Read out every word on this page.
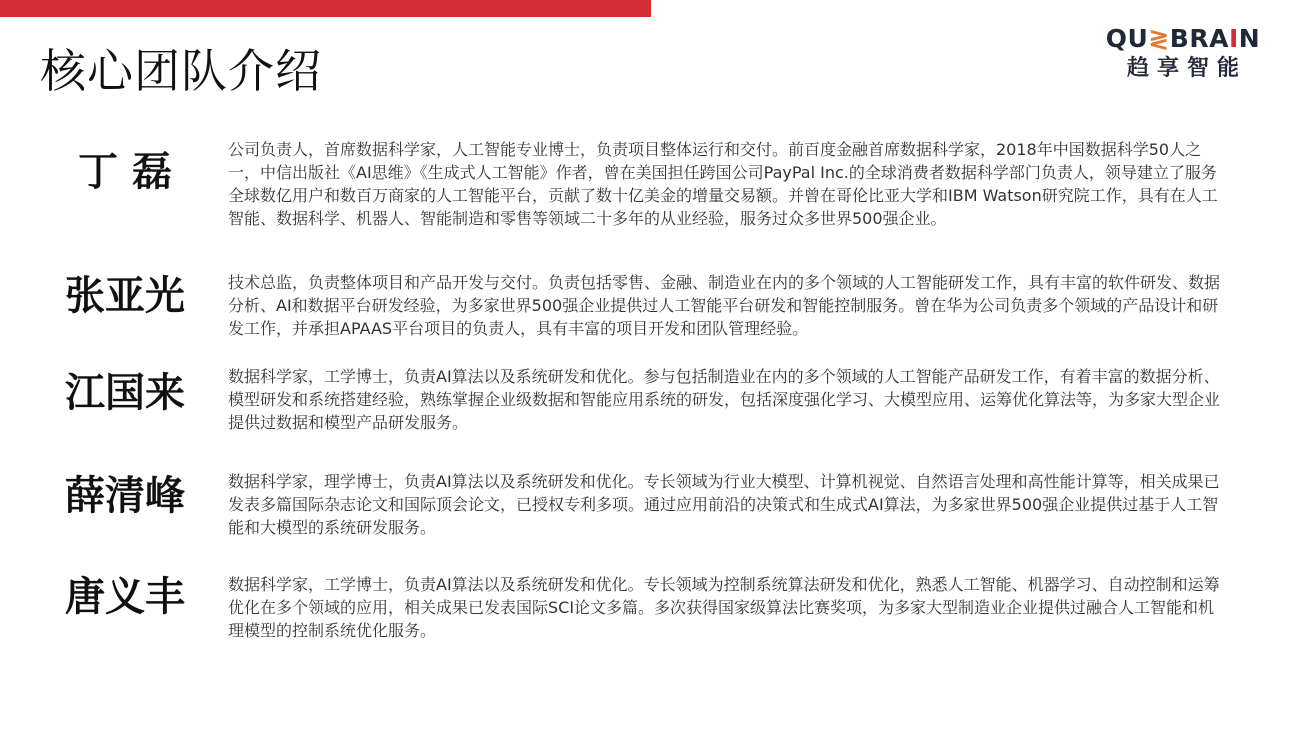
核心团队介绍
QU≷BRAIN
趋享智能
丁 磊	公司负责人，首席数据科学家，人工智能专业博士，负责项目整体运行和交付。前百度金融首席数据科学家，2018年中国数据科学50人之一，中信出版社《AI思维》《生成式人工智能》作者，曾在美国担任跨国公司PayPal Inc.的全球消费者数据科学部门负责人，领导建立了服务全球数亿用户和数百万商家的人工智能平台，贡献了数十亿美金的增量交易额。并曾在哥伦比亚大学和IBM Watson研究院工作，具有在人工智能、数据科学、机器人、智能制造和零售等领域二十多年的从业经验，服务过众多世界500强企业。

张亚光	技术总监，负责整体项目和产品开发与交付。负责包括零售、金融、制造业在内的多个领域的人工智能研发工作，具有丰富的软件研发、数据分析、AI和数据平台研发经验，为多家世界500强企业提供过人工智能平台研发和智能控制服务。曾在华为公司负责多个领域的产品设计和研发工作，并承担APAAS平台项目的负责人，具有丰富的项目开发和团队管理经验。

江国来	数据科学家，工学博士，负责AI算法以及系统研发和优化。参与包括制造业在内的多个领域的人工智能产品研发工作，有着丰富的数据分析、模型研发和系统搭建经验，熟练掌握企业级数据和智能应用系统的研发，包括深度强化学习、大模型应用、运筹优化算法等，为多家大型企业提供过数据和模型产品研发服务。

薛清峰	数据科学家，理学博士，负责AI算法以及系统研发和优化。专长领域为行业大模型、计算机视觉、自然语言处理和高性能计算等，相关成果已发表多篇国际杂志论文和国际顶会论文，已授权专利多项。通过应用前沿的决策式和生成式AI算法，为多家世界500强企业提供过基于人工智能和大模型的系统研发服务。

唐义丰	数据科学家，工学博士，负责AI算法以及系统研发和优化。专长领域为控制系统算法研发和优化，熟悉人工智能、机器学习、自动控制和运筹优化在多个领域的应用，相关成果已发表国际SCI论文多篇。多次获得国家级算法比赛奖项，为多家大型制造业企业提供过融合人工智能和机理模型的控制系统优化服务。
